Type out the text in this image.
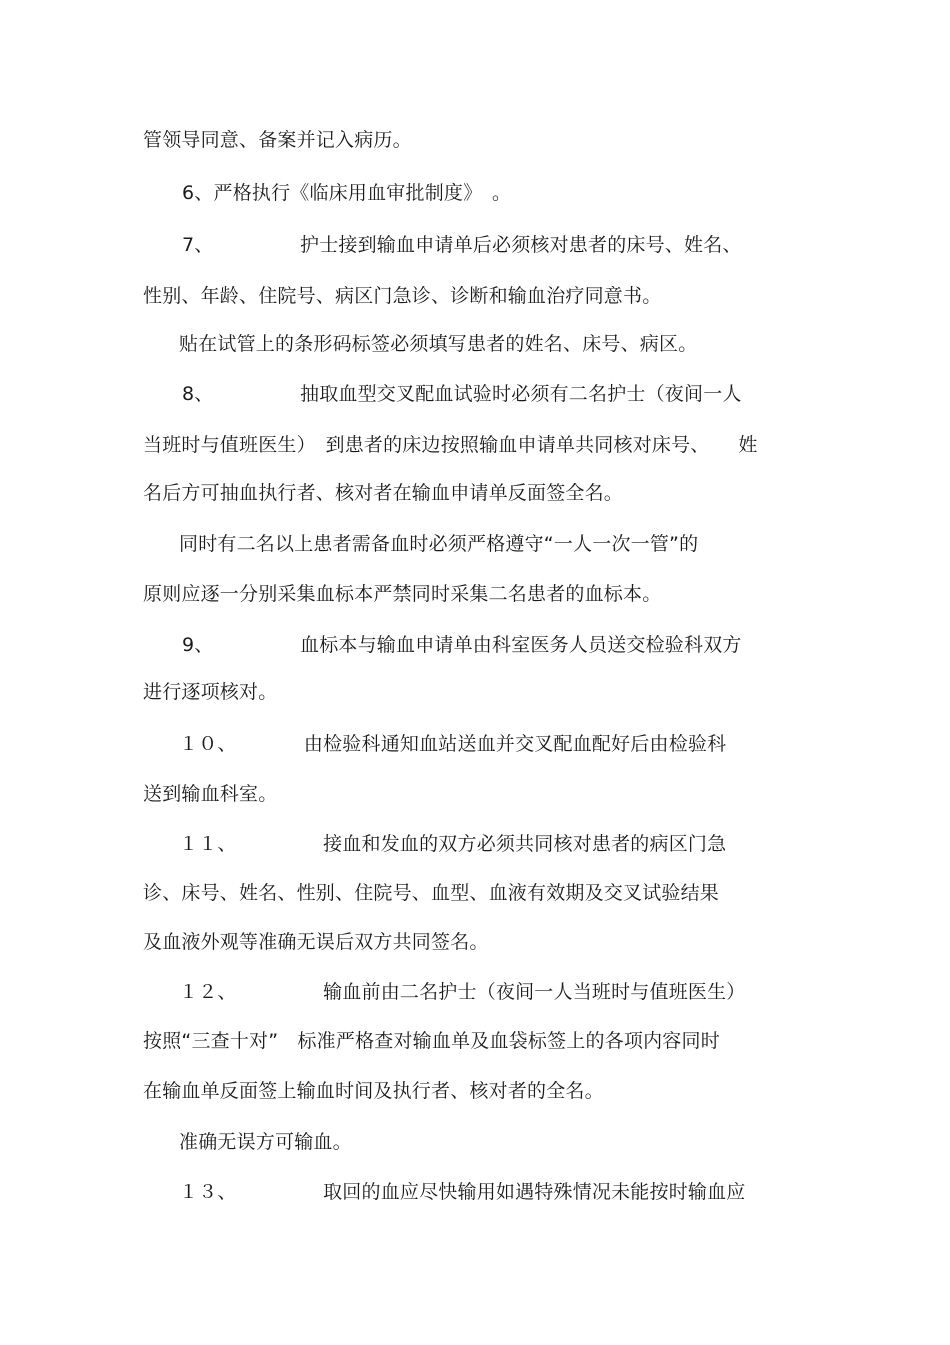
管领导同意、备案并记入病历。
6、严格执行《临床用血审批制度》　。
7、　　　　　护士接到输血申请单后必须核对患者的床号、姓名、
性别、年龄、住院号、病区门急诊、诊断和输血治疗同意书。
贴在试管上的条形码标签必须填写患者的姓名、床号、病区。
8、　　　　　抽取血型交叉配血试验时必须有二名护士（夜间一人
当班时与值班医生）　到患者的床边按照输血申请单共同核对床号、　　姓
名后方可抽血执行者、核对者在输血申请单反面签全名。
同时有二名以上患者需备血时必须严格遵守“一人一次一管”的
原则应逐一分别采集血标本严禁同时采集二名患者的血标本。
9、　　　　　血标本与输血申请单由科室医务人员送交检验科双方
进行逐项核对。
１０、　　　　由检验科通知血站送血并交叉配血配好后由检验科
送到输血科室。
１１、　　　　　接血和发血的双方必须共同核对患者的病区门急
诊、床号、姓名、性别、住院号、血型、血液有效期及交叉试验结果
及血液外观等准确无误后双方共同签名。
１２、　　　　　输血前由二名护士（夜间一人当班时与值班医生）
按照“三查十对”　标准严格查对输血单及血袋标签上的各项内容同时
在输血单反面签上输血时间及执行者、核对者的全名。
准确无误方可输血。
１３、　　　　　取回的血应尽快输用如遇特殊情况未能按时输血应
